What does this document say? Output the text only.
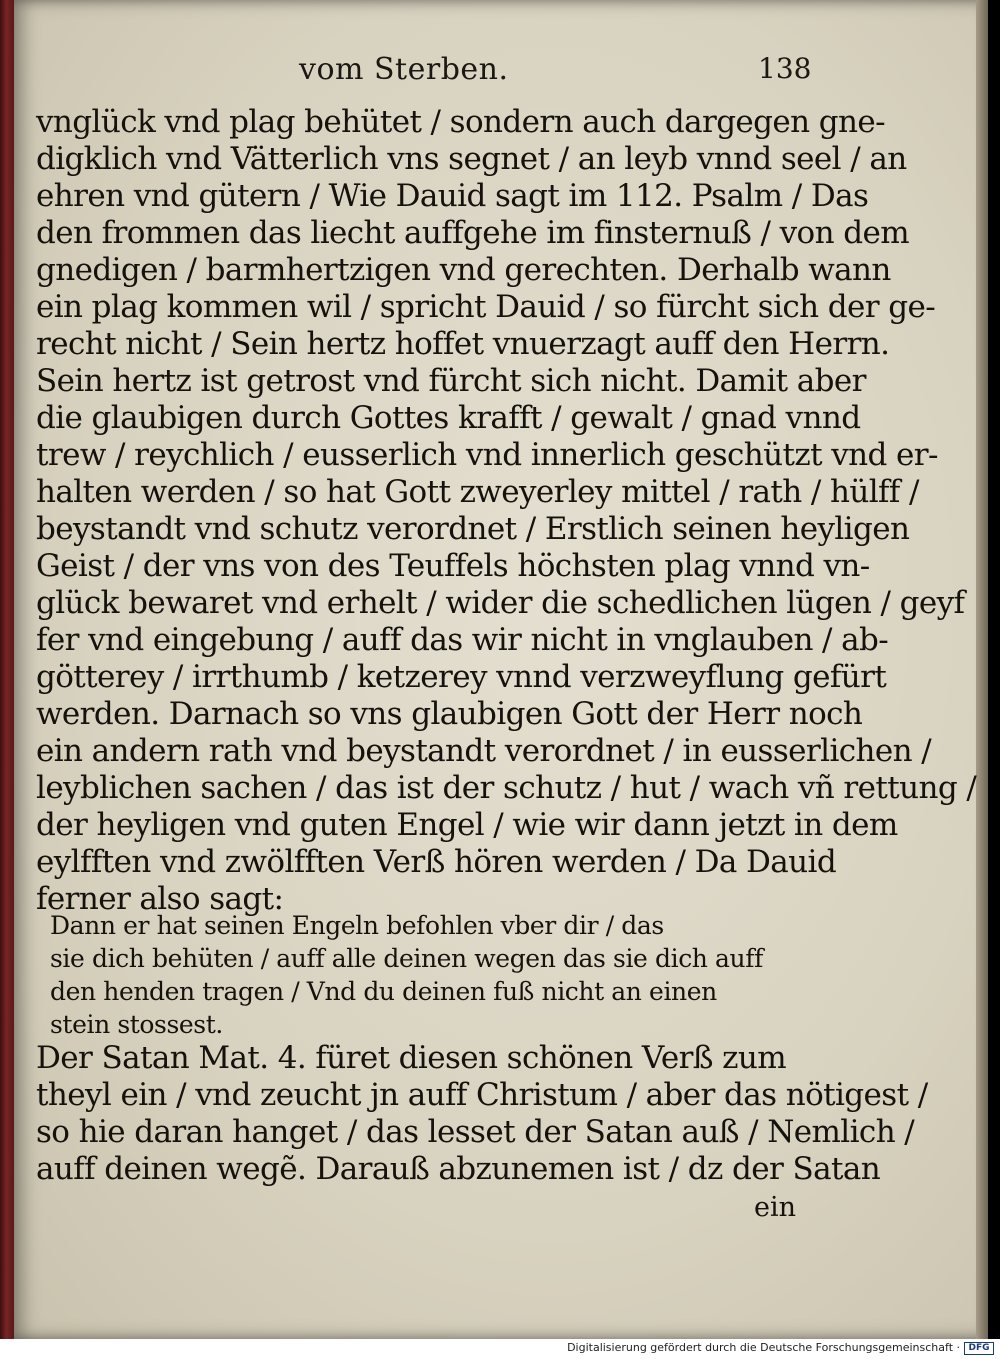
vom Sterben.	138
vnglück vnd plag behütet / sondern auch dargegen gne-
digklich vnd Vätterlich vns segnet / an leyb vnnd seel / an
ehren vnd gütern / Wie Dauid sagt im 112. Psalm / Das
den frommen das liecht auffgehe im finsternuß / von dem
gnedigen / barmhertzigen vnd gerechten. Derhalb wann
ein plag kommen wil / spricht Dauid / so fürcht sich der ge-
recht nicht / Sein hertz hoffet vnuerzagt auff den Herrn.
Sein hertz ist getrost vnd fürcht sich nicht. Damit aber
die glaubigen durch Gottes krafft / gewalt / gnad vnnd
trew / reychlich / eusserlich vnd innerlich geschützt vnd er-
halten werden / so hat Gott zweyerley mittel / rath / hülff /
beystandt vnd schutz verordnet / Erstlich seinen heyligen
Geist / der vns von des Teuffels höchsten plag vnnd vn-
glück bewaret vnd erhelt / wider die schedlichen lügen / geyf
fer vnd eingebung / auff das wir nicht in vnglauben / ab-
götterey / irrthumb / ketzerey vnnd verzweyflung gefürt
werden. Darnach so vns glaubigen Gott der Herr noch
ein andern rath vnd beystandt verordnet / in eusserlichen /
leyblichen sachen / das ist der schutz / hut / wach vñ rettung /
der heyligen vnd guten Engel / wie wir dann jetzt in dem
eylfften vnd zwölfften Verß hören werden / Da Dauid
ferner also sagt:
Dann er hat seinen Engeln befohlen vber dir / das
sie dich behüten / auff alle deinen wegen das sie dich auff
den henden tragen / Vnd du deinen fuß nicht an einen
stein stossest.
Der Satan Mat. 4. füret diesen schönen Verß zum
theyl ein / vnd zeucht jn auff Christum / aber das nötigest /
so hie daran hanget / das lesset der Satan auß / Nemlich /
auff deinen wegẽ. Darauß abzunemen ist / dz der Satan
ein
Digitalisierung gefördert durch die Deutsche Forschungsgemeinschaft · DFG
